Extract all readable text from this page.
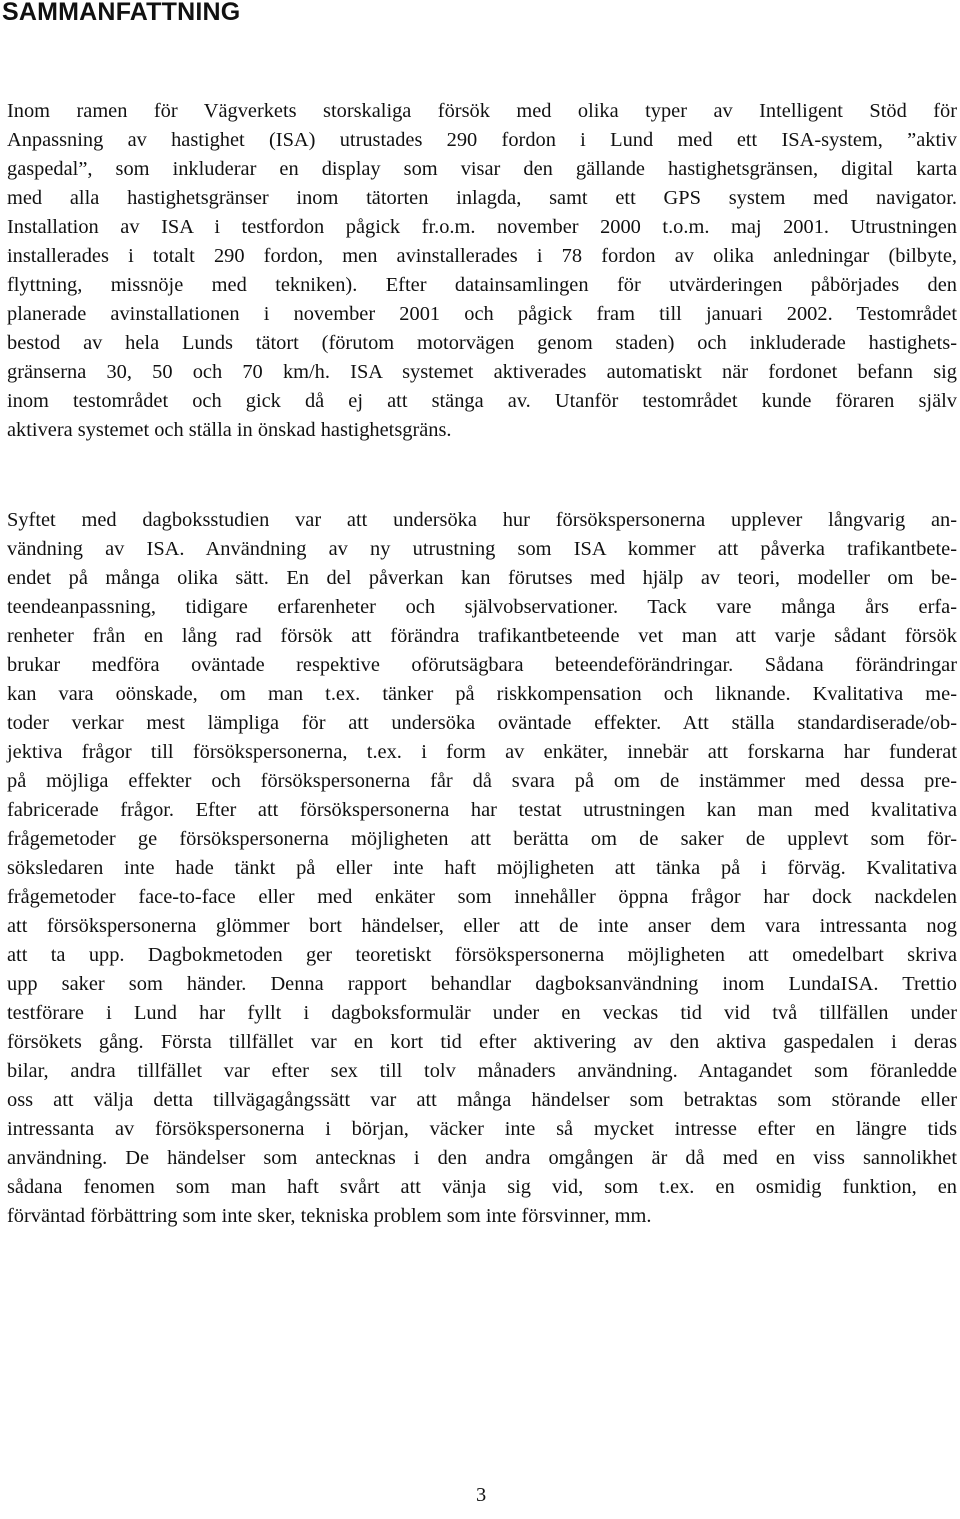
SAMMANFATTNING
Inom ramen för Vägverkets storskaliga försök med olika typer av Intelligent Stöd för
Anpassning av hastighet (ISA) utrustades 290 fordon i Lund med ett ISA-system, ”aktiv
gaspedal”, som inkluderar en display som visar den gällande hastighetsgränsen, digital karta
med alla hastighetsgränser inom tätorten inlagda, samt ett GPS system med navigator.
Installation av ISA i testfordon pågick fr.o.m. november 2000 t.o.m. maj 2001. Utrustningen
installerades i totalt 290 fordon, men avinstallerades i 78 fordon av olika anledningar (bilbyte,
flyttning, missnöje med tekniken). Efter datainsamlingen för utvärderingen påbörjades den
planerade avinstallationen i november 2001 och pågick fram till januari 2002. Testområdet
bestod av hela Lunds tätort (förutom motorvägen genom staden) och inkluderade hastighets-
gränserna 30, 50 och 70 km/h. ISA systemet aktiverades automatiskt när fordonet befann sig
inom testområdet och gick då ej att stänga av. Utanför testområdet kunde föraren själv
aktivera systemet och ställa in önskad hastighetsgräns.
Syftet med dagboksstudien var att undersöka hur försökspersonerna upplever långvarig an-
vändning av ISA. Användning av ny utrustning som ISA kommer att påverka trafikantbete-
endet på många olika sätt. En del påverkan kan förutses med hjälp av teori, modeller om be-
teendeanpassning, tidigare erfarenheter och självobservationer. Tack vare många års erfa-
renheter från en lång rad försök att förändra trafikantbeteende vet man att varje sådant försök
brukar medföra oväntade respektive oförutsägbara beteendeförändringar. Sådana förändringar
kan vara oönskade, om man t.ex. tänker på riskkompensation och liknande. Kvalitativa me-
toder verkar mest lämpliga för att undersöka oväntade effekter. Att ställa standardiserade/ob-
jektiva frågor till försökspersonerna, t.ex. i form av enkäter, innebär att forskarna har funderat
på möjliga effekter och försökspersonerna får då svara på om de instämmer med dessa pre-
fabricerade frågor. Efter att försökspersonerna har testat utrustningen kan man med kvalitativa
frågemetoder ge försökspersonerna möjligheten att berätta om de saker de upplevt som för-
söksledaren inte hade tänkt på eller inte haft möjligheten att tänka på i förväg. Kvalitativa
frågemetoder face-to-face eller med enkäter som innehåller öppna frågor har dock nackdelen
att försökspersonerna glömmer bort händelser, eller att de inte anser dem vara intressanta nog
att ta upp. Dagbokmetoden ger teoretiskt försökspersonerna möjligheten att omedelbart skriva
upp saker som händer. Denna rapport behandlar dagboksanvändning inom LundaISA. Trettio
testförare i Lund har fyllt i dagboksformulär under en veckas tid vid två tillfällen under
försökets gång. Första tillfället var en kort tid efter aktivering av den aktiva gaspedalen i deras
bilar, andra tillfället var efter sex till tolv månaders användning. Antagandet som föranledde
oss att välja detta tillvägagångssätt var att många händelser som betraktas som störande eller
intressanta av försökspersonerna i början, väcker inte så mycket intresse efter en längre tids
användning. De händelser som antecknas i den andra omgången är då med en viss sannolikhet
sådana fenomen som man haft svårt att vänja sig vid, som t.ex. en osmidig funktion, en
förväntad förbättring som inte sker, tekniska problem som inte försvinner, mm.
3
